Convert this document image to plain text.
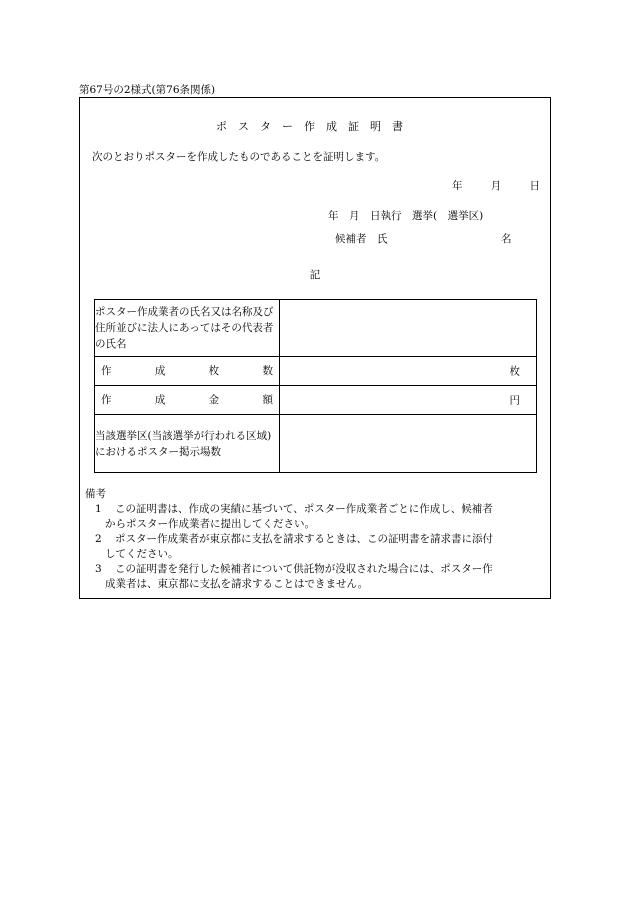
第67号の2様式(第76条関係)
ポスター作成証明書
次のとおりポスターを作成したものであることを証明します。
年	月	日
年　月　日執行　選挙(　選挙区)
候補者　氏	名
記
ポスター作成業者の氏名又は名称及び住所並びに法人にあってはその代表者の氏名	

作 成 枚 数	枚

作 成 金 額	円

当該選挙区(当該選挙が行われる区域)におけるポスター掲示場数	
備考
1 この証明書は、作成の実績に基づいて、ポスター作成業者ごとに作成し、候補者
からポスター作成業者に提出してください。
2 ポスター作成業者が東京都に支払を請求するときは、この証明書を請求書に添付
してください。
3 この証明書を発行した候補者について供託物が没収された場合には、ポスター作
成業者は、東京都に支払を請求することはできません。
